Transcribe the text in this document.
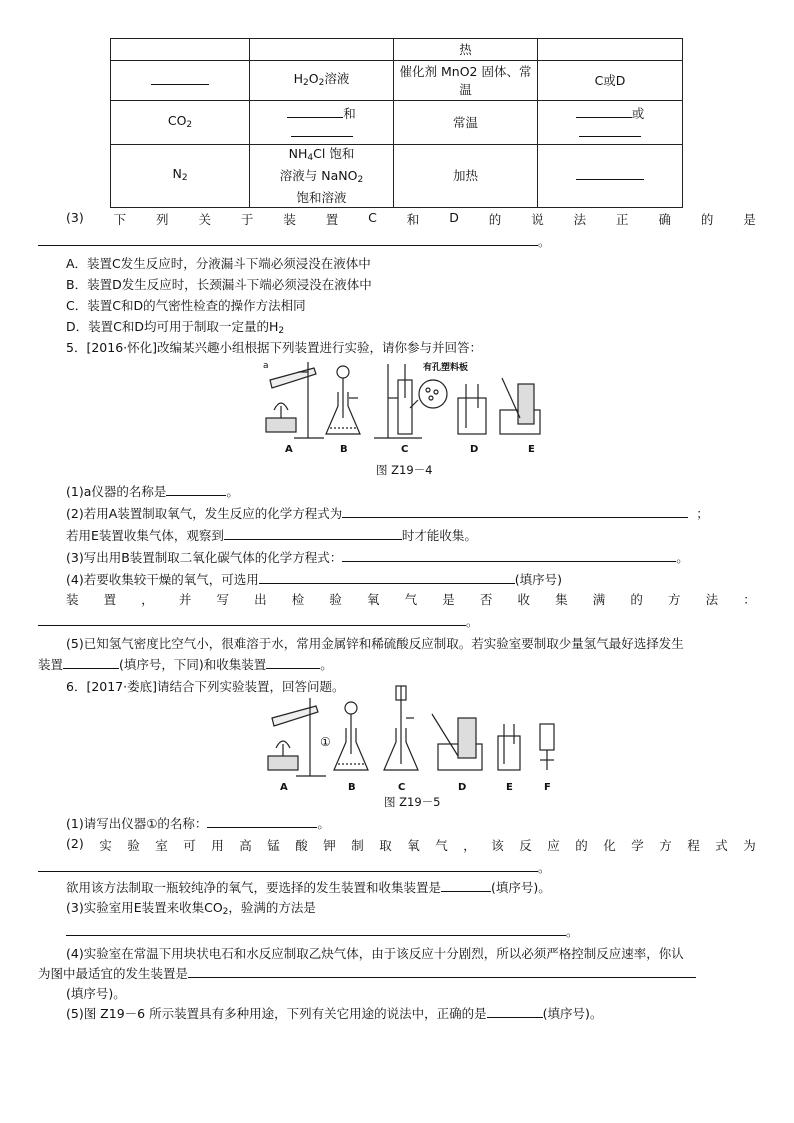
		热	
	$H_2O_2$溶液	催化剂 MnO2 固体、常
温	C或D
$CO_2$	和	常温	或

$N_2$	$NH_4Cl$ 饱和
溶液与 NaNO$_2$
饱和溶液	加热	
(3) 下 列 关 于 装 置 C 和 D 的 说 法 正 确 的 是
。
A．装置C发生反应时，分液漏斗下端必须浸没在液体中
B．装置D发生反应时，长颈漏斗下端必须浸没在液体中
C．装置C和D的气密性检查的操作方法相同
D．装置C和D均可用于制取一定量的$H_2$
5．[2016·怀化]改编某兴趣小组根据下列装置进行实验，请你参与并回答：
a	有孔塑料板
A	B	C	D	E
图 Z19－4
(1)a仪器的名称是	。
(2)若用A装置制取氧气，发生反应的化学方程式为	；
若用E装置收集气体，观察到	时才能收集。
(3)写出用B装置制取二氧化碳气体的化学方程式：	。
(4)若要收集较干燥的氧气，可选用	(填序号)
装 置 ， 并 写 出 检 验 氧 气 是 否 收 集 满 的 方 法 ：
。
(5)已知氢气密度比空气小，很难溶于水，常用金属锌和稀硫酸反应制取。若实验室要制取少量氢气最好选择发生
装置	(填序号，下同)和收集装置	。
6．[2017·娄底]请结合下列实验装置，回答问题。
①
A	B	C	D	E	F
图 Z19－5
(1)请写出仪器①的名称：	。
(2) 实 验 室 可 用 高 锰 酸 钾 制 取 氧 气 ， 该 反 应 的 化 学 方 程 式 为
。
欲用该方法制取一瓶较纯净的氧气，要选择的发生装置和收集装置是	(填序号)。
(3)实验室用E装置来收集$CO_2$，验满的方法是
。
(4)实验室在常温下用块状电石和水反应制取乙炔气体，由于该反应十分剧烈，所以必须严格控制反应速率，你认
为图中最适宜的发生装置是
(填序号)。
(5)图 Z19－6 所示装置具有多种用途，下列有关它用途的说法中，正确的是	(填序号)。
